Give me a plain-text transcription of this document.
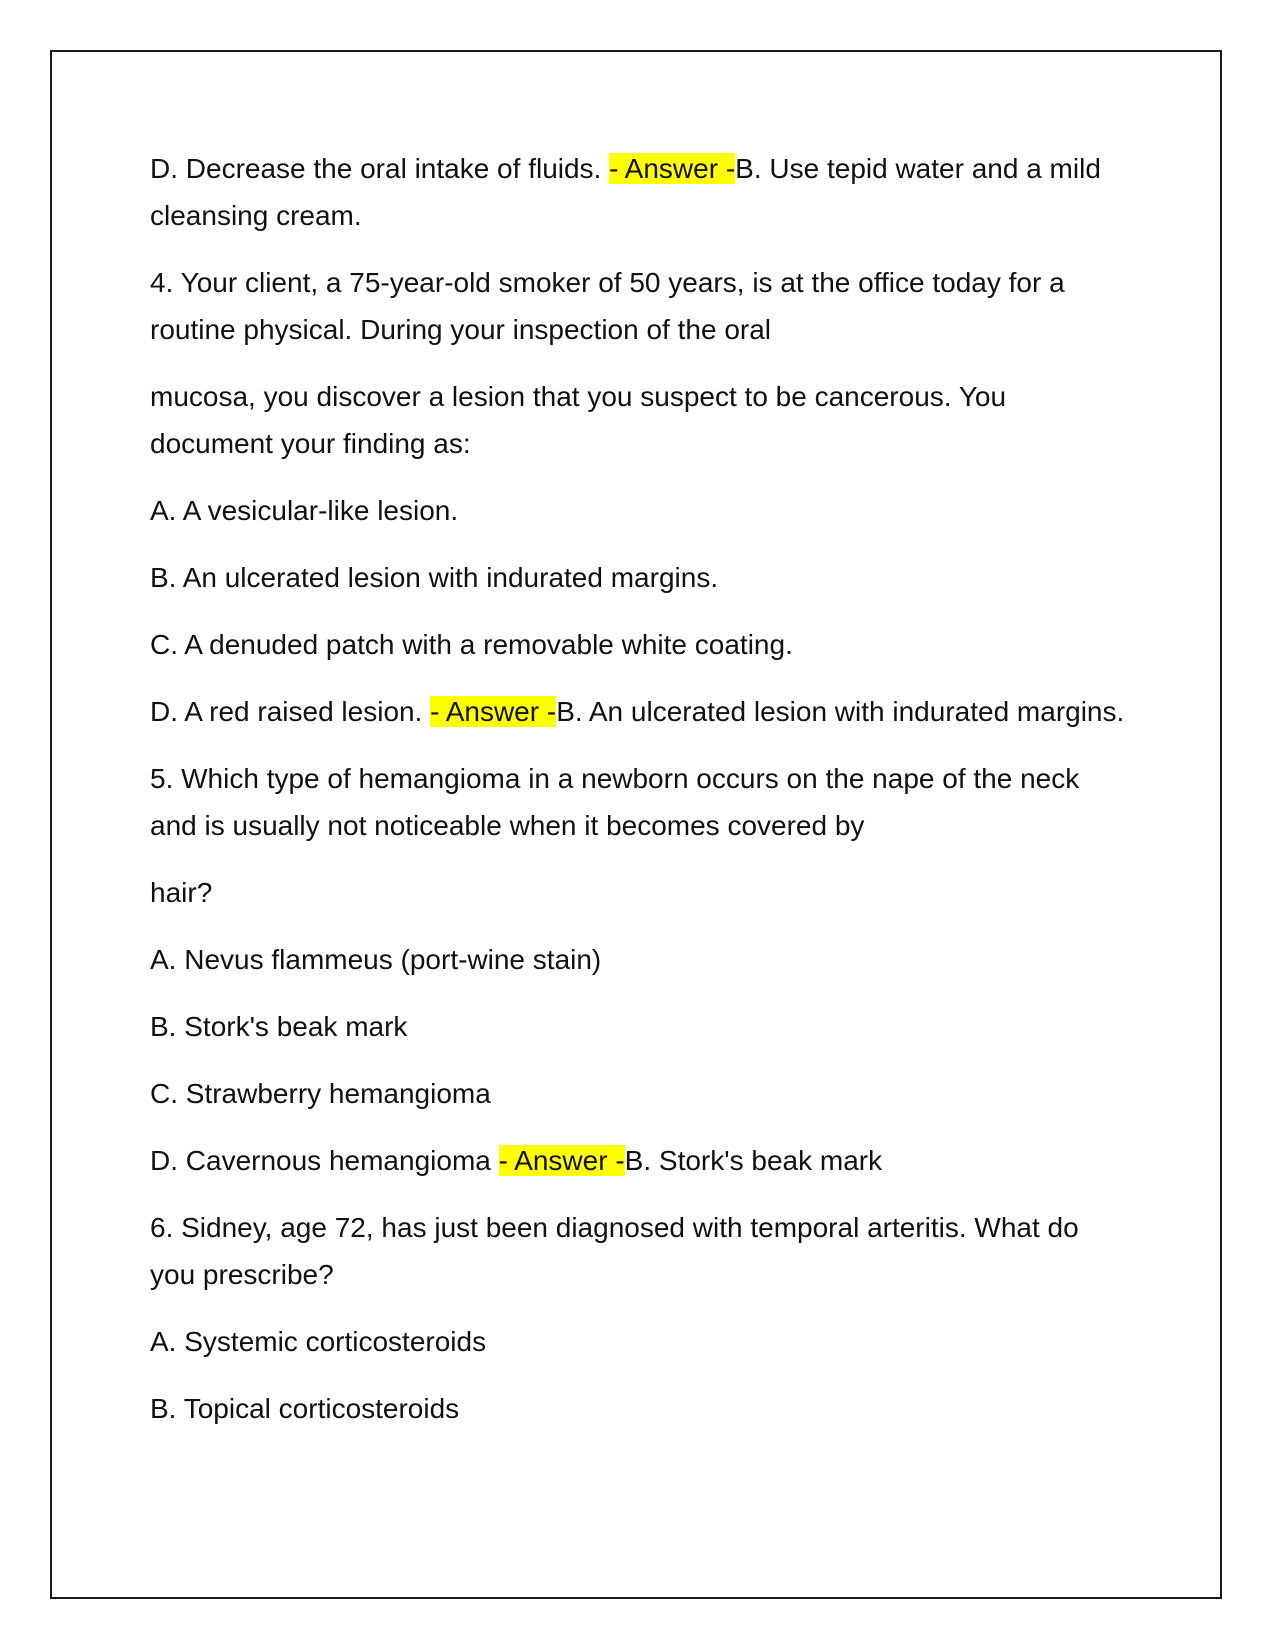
D. Decrease the oral intake of fluids. - Answer -B. Use tepid water and a mild cleansing cream.

4. Your client, a 75-year-old smoker of 50 years, is at the office today for a routine physical. During your inspection of the oral

mucosa, you discover a lesion that you suspect to be cancerous. You document your finding as:

A. A vesicular-like lesion.

B. An ulcerated lesion with indurated margins.

C. A denuded patch with a removable white coating.

D. A red raised lesion. - Answer -B. An ulcerated lesion with indurated margins.

5. Which type of hemangioma in a newborn occurs on the nape of the neck and is usually not noticeable when it becomes covered by

hair?

A. Nevus flammeus (port-wine stain)

B. Stork's beak mark

C. Strawberry hemangioma

D. Cavernous hemangioma - Answer -B. Stork's beak mark

6. Sidney, age 72, has just been diagnosed with temporal arteritis. What do you prescribe?

A. Systemic corticosteroids

B. Topical corticosteroids
